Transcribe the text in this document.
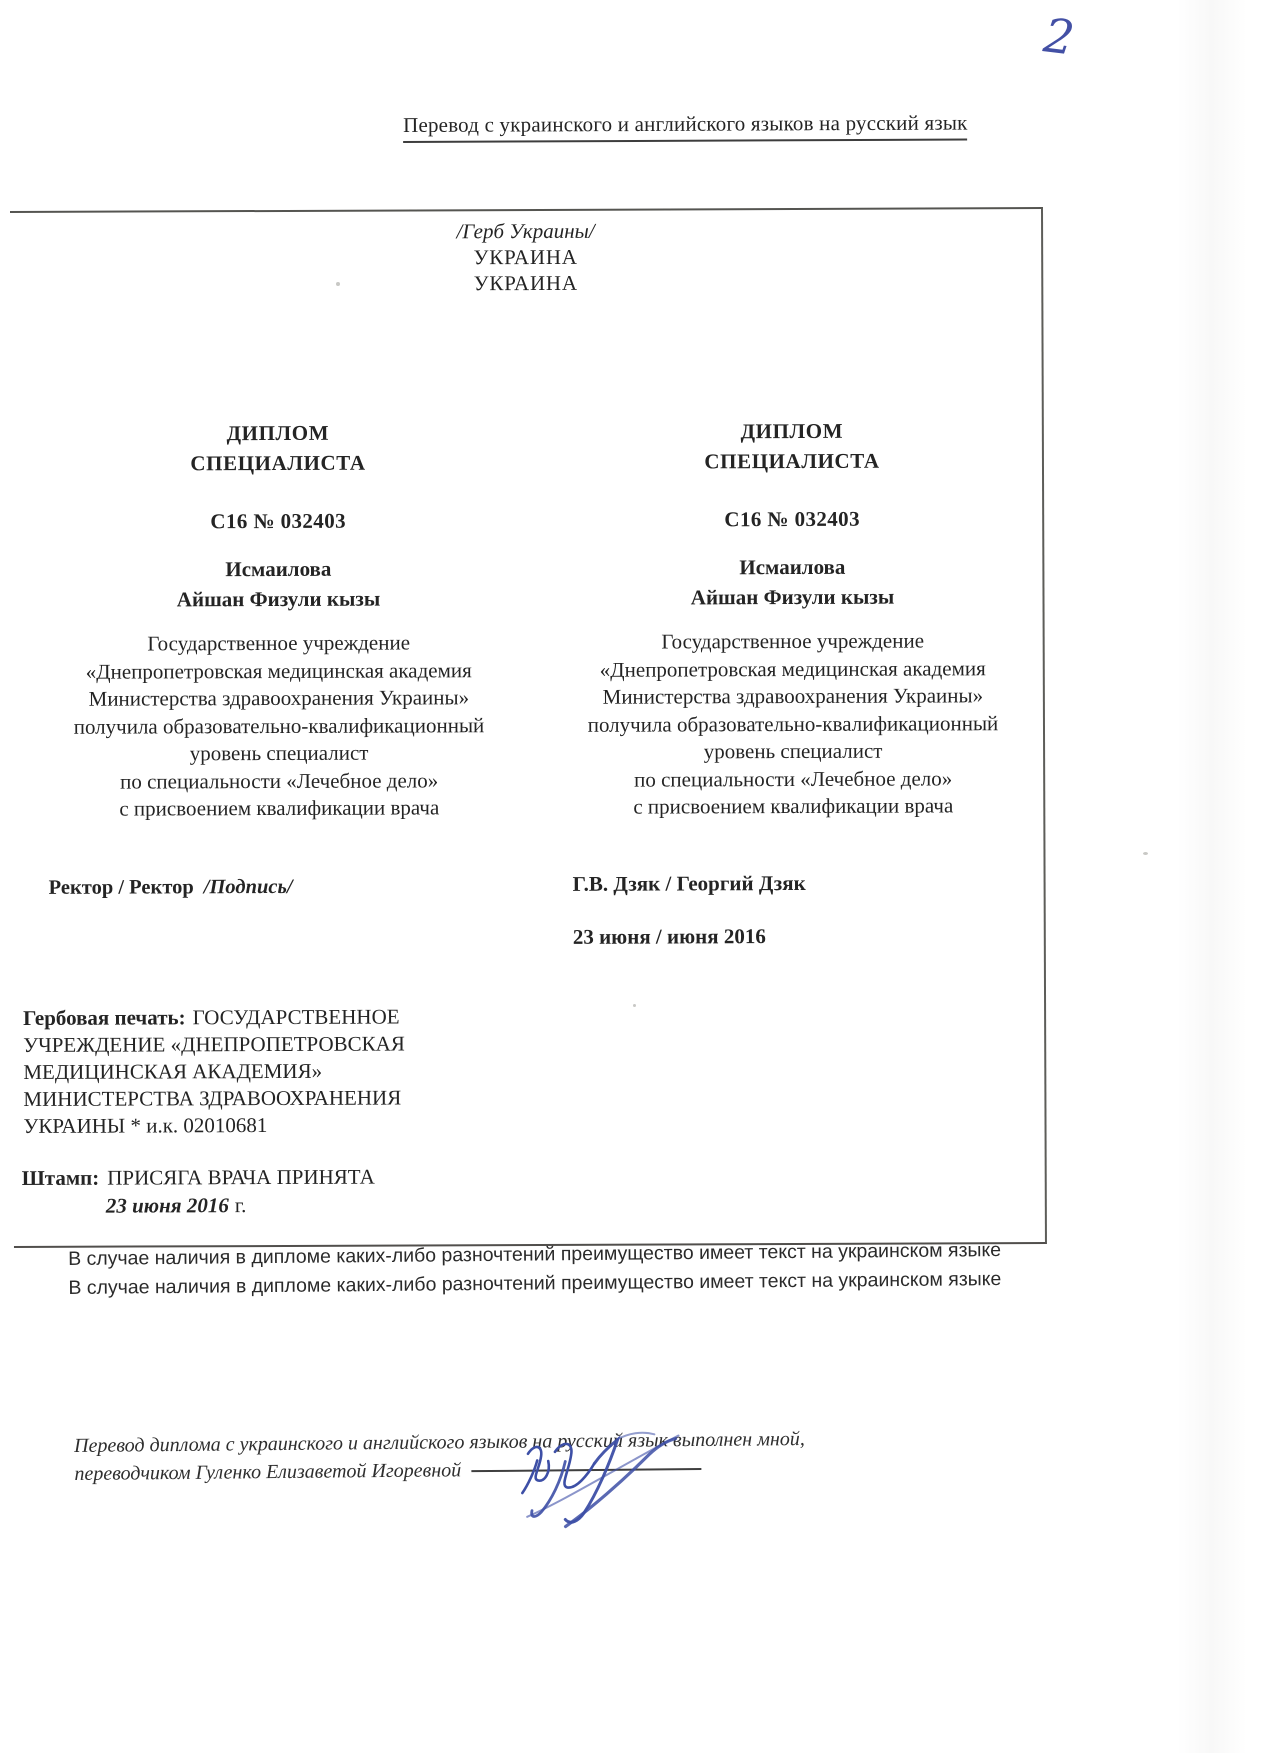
2
Перевод с украинского и английского языков на русский язык
/Герб Украины/
УКРАИНА
УКРАИНА
ДИПЛОМ
СПЕЦИАЛИСТА
С16 № 032403
Исмаилова
Айшан Физули кызы
Государственное учреждение
«Днепропетровская медицинская академия
Министерства здравоохранения Украины»
получила образовательно-квалификационный
уровень специалист
по специальности «Лечебное дело»
с присвоением квалификации врача
Ректор / Ректор /Подпись/
ДИПЛОМ
СПЕЦИАЛИСТА
С16 № 032403
Исмаилова
Айшан Физули кызы
Государственное учреждение
«Днепропетровская медицинская академия
Министерства здравоохранения Украины»
получила образовательно-квалификационный
уровень специалист
по специальности «Лечебное дело»
с присвоением квалификации врача
Г.В. Дзяк / Георгий Дзяк
23 июня / июня 2016
Гербовая печать: ГОСУДАРСТВЕННОЕ УЧРЕЖДЕНИЕ «ДНЕПРОПЕТРОВСКАЯ МЕДИЦИНСКАЯ АКАДЕМИЯ» МИНИСТЕРСТВА ЗДРАВООХРАНЕНИЯ УКРАИНЫ * и.к. 02010681
Штамп: ПРИСЯГА ВРАЧА ПРИНЯТА
23 июня 2016 г.
В случае наличия в дипломе каких-либо разночтений преимущество имеет текст на украинском языке
В случае наличия в дипломе каких-либо разночтений преимущество имеет текст на украинском языке
Перевод диплома с украинского и английского языков на русский язык выполнен мной,
переводчиком Гуленко Елизаветой Игоревной
